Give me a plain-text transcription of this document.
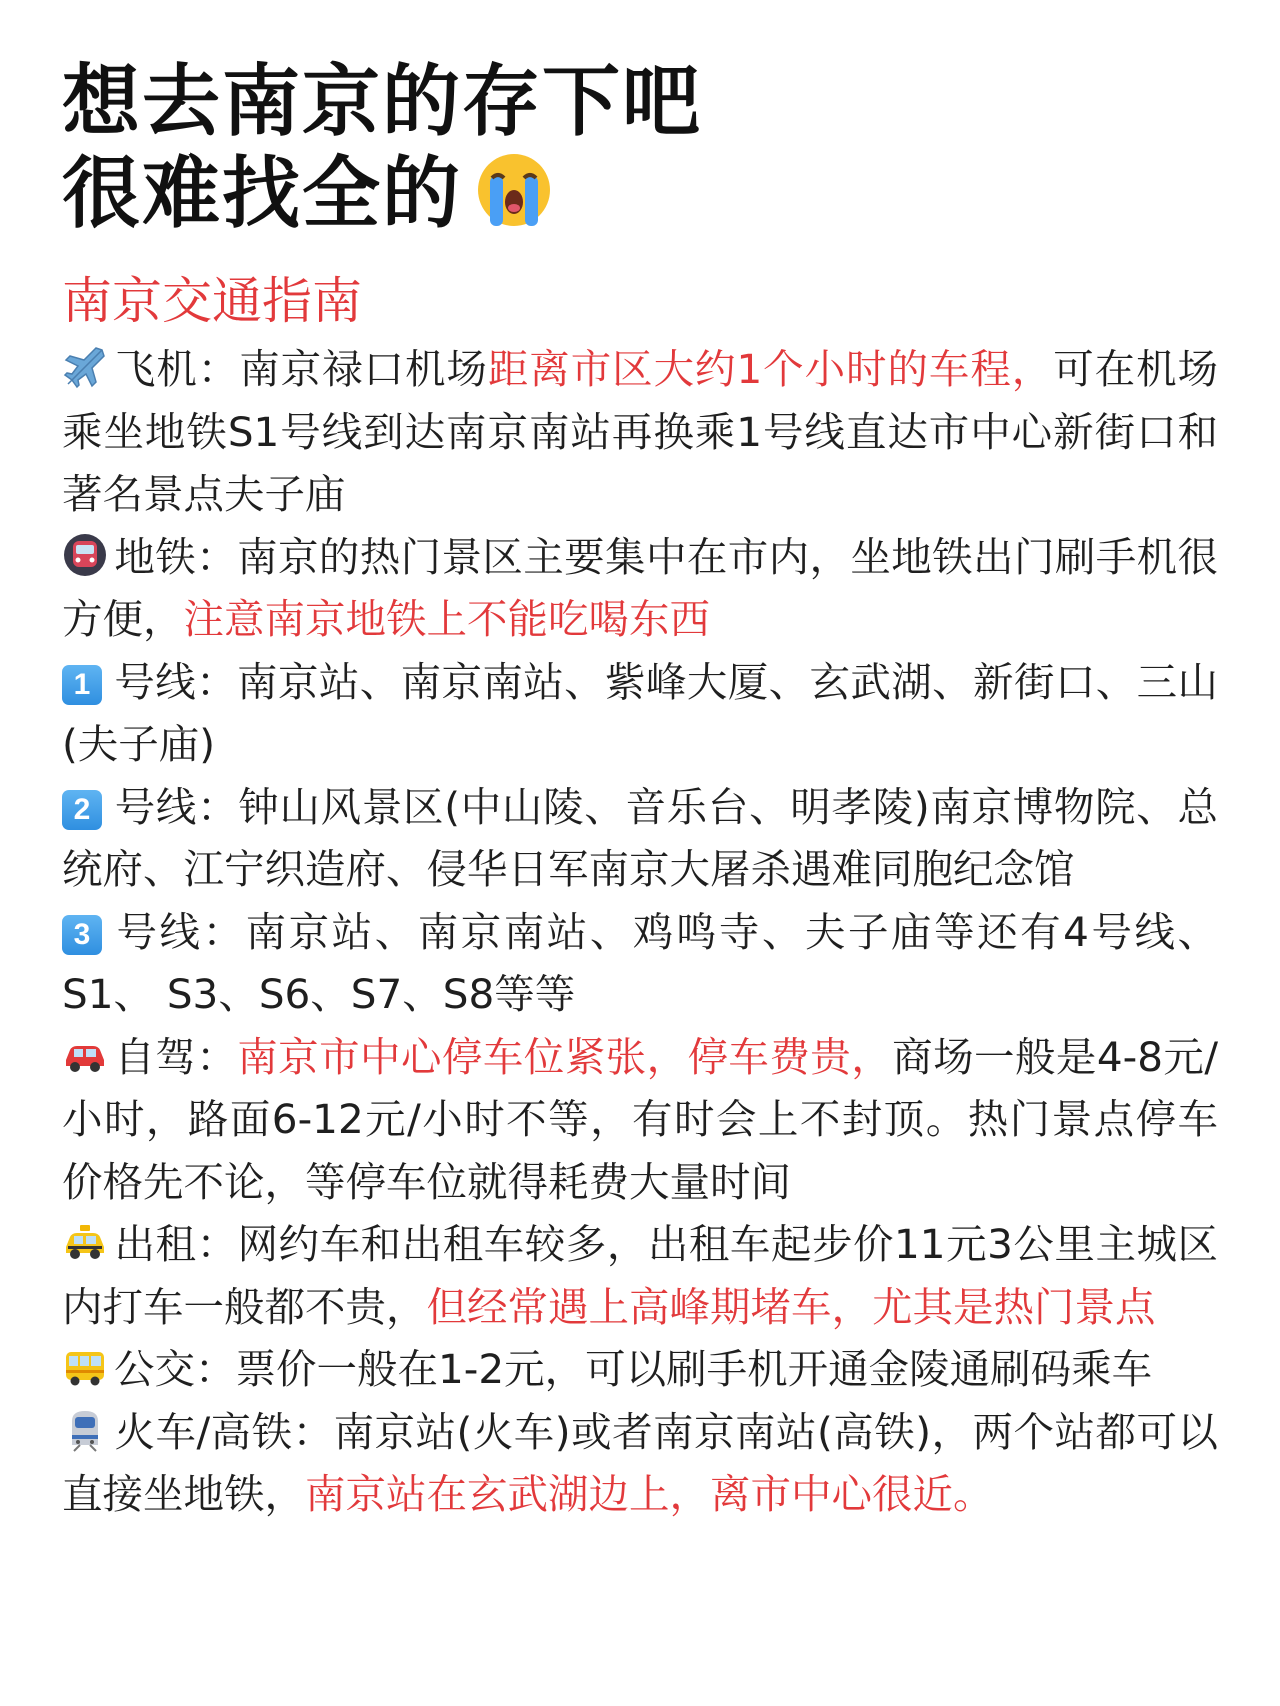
想去南京的存下吧
很难找全的
南京交通指南

飞机：南京禄口机场距离市区大约1个小时的车程，可在机场乘坐地铁S1号线到达南京南站再换乘1号线直达市中心新街口和著名景点夫子庙

地铁：南京的热门景区主要集中在市内，坐地铁出门刷手机很方便，注意南京地铁上不能吃喝东西

1 号线：南京站、南京南站、紫峰大厦、玄武湖、新街口、三山(夫子庙)

2 号线：钟山风景区(中山陵、音乐台、明孝陵)南京博物院、总统府、江宁织造府、侵华日军南京大屠杀遇难同胞纪念馆

3 号线：南京站、南京南站、鸡鸣寺、夫子庙等还有4号线、S1、 S3、S6、S7、S8等等

自驾：南京市中心停车位紧张，停车费贵，商场一般是4-8元/小时，路面6-12元/小时不等，有时会上不封顶。热门景点停车价格先不论，等停车位就得耗费大量时间

出租：网约车和出租车较多，出租车起步价11元3公里主城区内打车一般都不贵，但经常遇上高峰期堵车，尤其是热门景点

公交：票价一般在1-2元，可以刷手机开通金陵通刷码乘车

火车/高铁：南京站(火车)或者南京南站(高铁)，两个站都可以直接坐地铁，南京站在玄武湖边上，离市中心很近。
